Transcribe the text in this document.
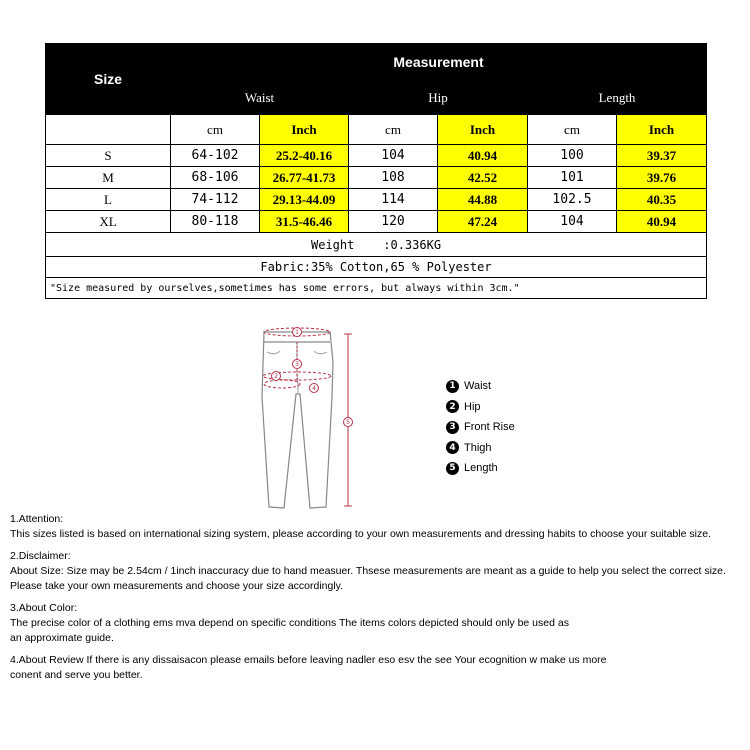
Size	Measurement					
	Waist		Hip		Length	
	cm	Inch	cm	Inch	cm	Inch
S	64-102	25.2-40.16	104	40.94	100	39.37
M	68-106	26.77-41.73	108	42.52	101	39.76
L	74-112	29.13-44.09	114	44.88	102.5	40.35
XL	80-118	31.5-46.46	120	47.24	104	40.94
Weight    :0.336KG						
Fabric:35% Cotton,65 % Polyester						
"Size measured by ourselves,sometimes has some errors, but always within 3cm."						
1
2
3
4
5
1 Waist
2 Hip
3 Front Rise
4 Thigh
5 Length
1.Attention:
This sizes listed is based on international sizing system, please according to your own measurements and dressing habits to choose your suitable size.
2.Disclaimer:
About Size: Size may be 2.54cm / 1inch inaccuracy due to hand measuer. Thsese measurements are meant as a guide to help you select the correct size.
Please take your own measurements and choose your size accordingly.
3.About Color:
The precise color of a clothing ems mva depend on specific conditions The items colors depicted should only be used as
an approximate guide.
4.About Review If there is any dissaisacon please emails before leaving nadler eso esv the see Your ecognition w make us more
conent and serve you better.
